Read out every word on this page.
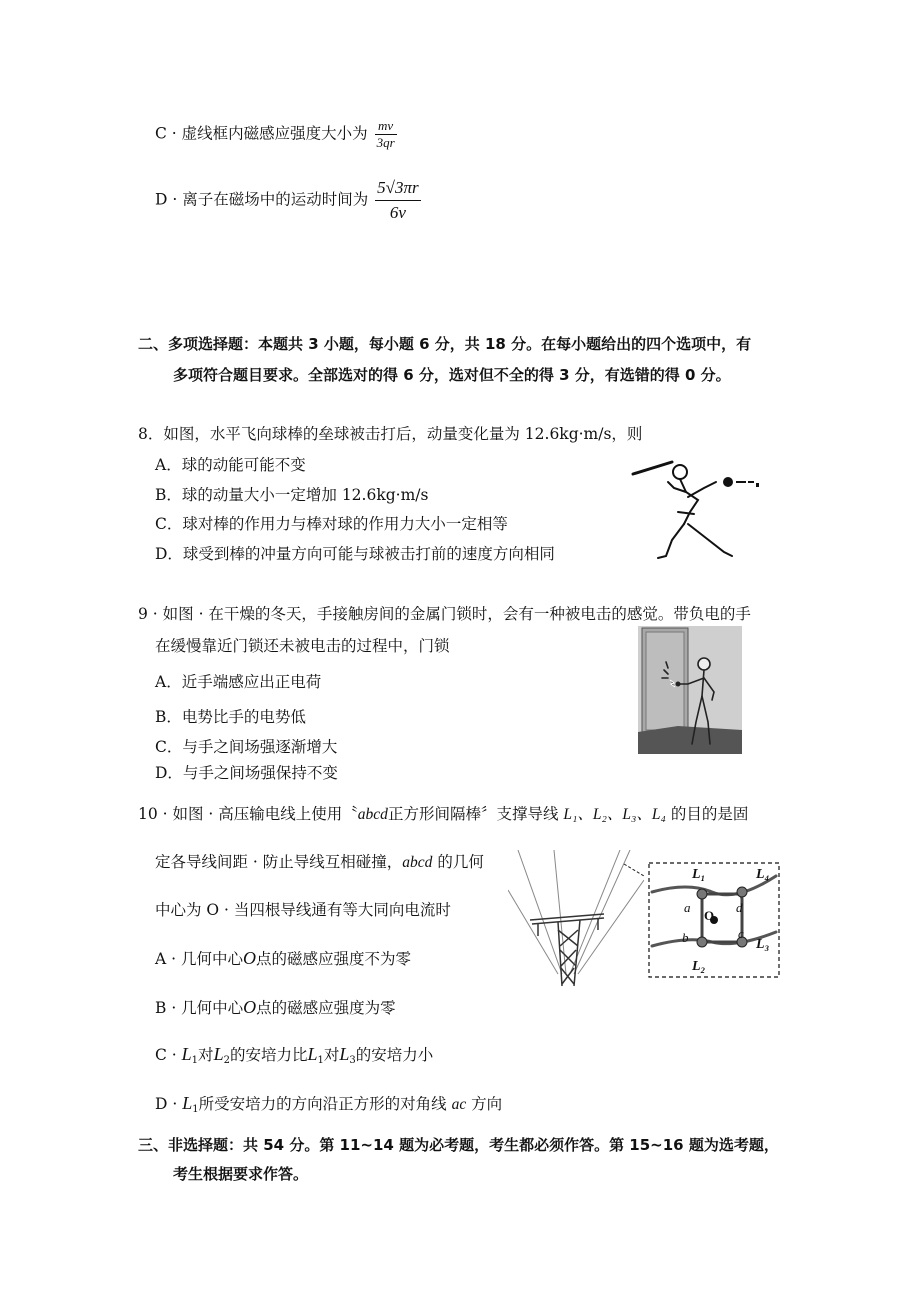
C · 虚线框内磁感应强度大小为 $\frac{mv}{3qr}$
D · 离子在磁场中的运动时间为 $\frac{5√3\pi r}{6v}$
二、多项选择题：本题共 3 小题，每小题 6 分，共 18 分。在每小题给出的四个选项中，有
多项符合题目要求。全部选对的得 6 分，选对但不全的得 3 分，有选错的得 0 分。
8．如图，水平飞向球棒的垒球被击打后，动量变化量为 12.6kg·m/s，则
A．球的动能可能不变
B．球的动量大小一定增加 12.6kg·m/s
C．球对棒的作用力与棒对球的作用力大小一定相等
D．球受到棒的冲量方向可能与球被击打前的速度方向相同
9 · 如图 · 在干燥的冬天，手接触房间的金属门锁时，会有一种被电击的感觉。带负电的手
在缓慢靠近门锁还未被电击的过程中，门锁
A．近手端感应出正电荷
B．电势比手的电势低
C．与手之间场强逐渐增大
D．与手之间场强保持不变
10 · 如图 · 高压输电线上使用〝abcd正方形间隔棒〞支撑导线 L₁、L₂、L₃、L₄ 的目的是固
定各导线间距 · 防止导线互相碰撞，abcd 的几何
中心为 O · 当四根导线通有等大同向电流时
A · 几何中心O点的磁感应强度不为零
B · 几何中心O点的磁感应强度为零
$C \cdot L_1$对$L_2$的安培力比$L_1$对$L_3$的安培力小
$D \cdot L_1$所受安培力的方向沿正方形的对角线 ac 方向
L₁	L₄
L₃
L₂
a	d
b	c
O
三、非选择题：共 54 分。第 11~14 题为必考题，考生都必须作答。第 15~16 题为选考题，
考生根据要求作答。
